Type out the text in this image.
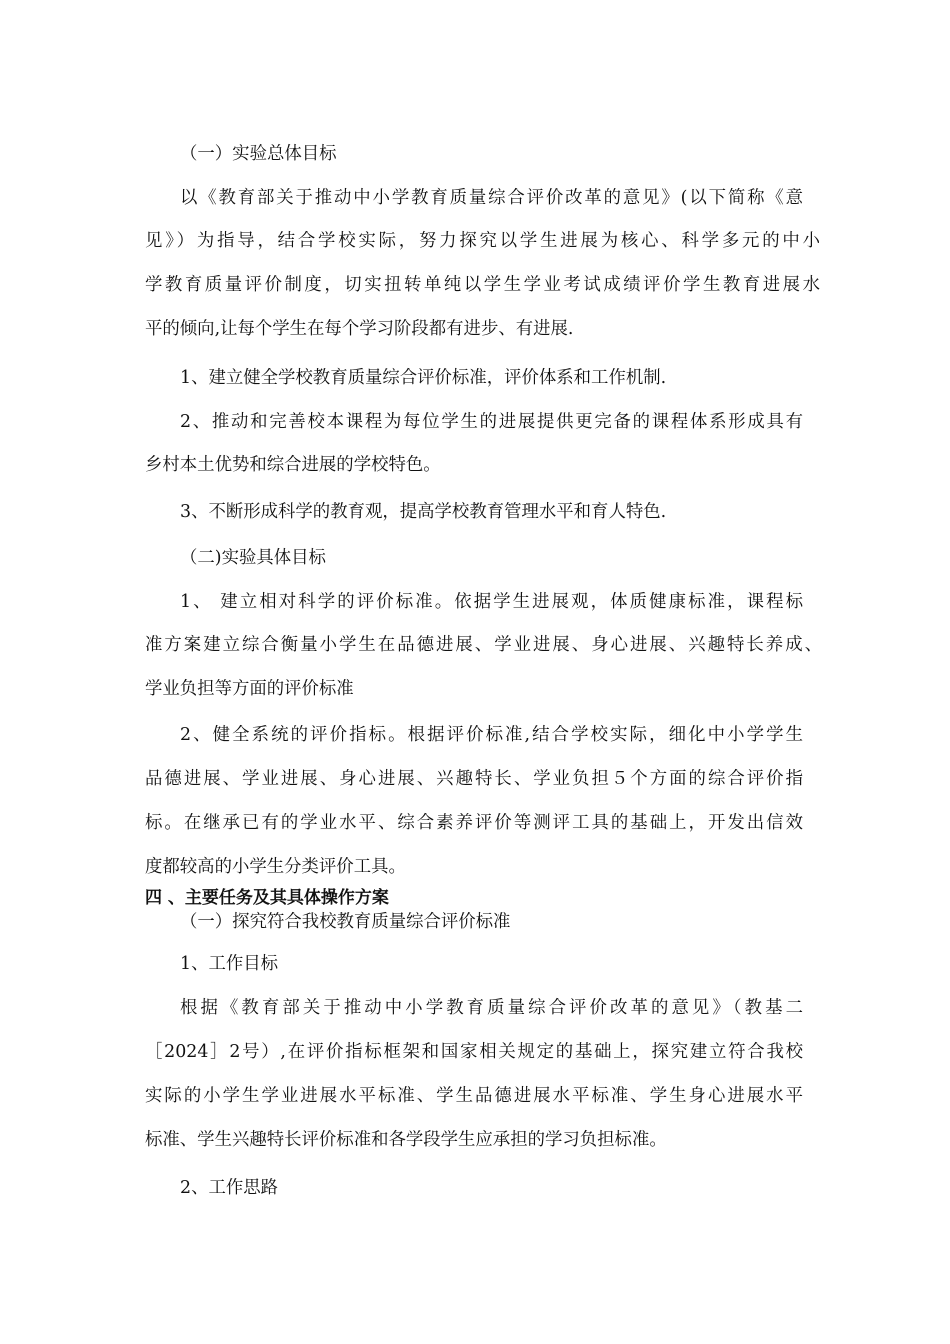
（一）实验总体目标
以《教育部关于推动中小学教育质量综合评价改革的意见》(以下简称《意
见》）为指导，结合学校实际，努力探究以学生进展为核心、科学多元的中小
学教育质量评价制度，切实扭转单纯以学生学业考试成绩评价学生教育进展水
平的倾向,让每个学生在每个学习阶段都有进步、有进展.
1、建立健全学校教育质量综合评价标准，评价体系和工作机制.
2、推动和完善校本课程为每位学生的进展提供更完备的课程体系形成具有
乡村本土优势和综合进展的学校特色。
3、不断形成科学的教育观，提高学校教育管理水平和育人特色.
（二)实验具体目标
1、 建立相对科学的评价标准。依据学生进展观，体质健康标准，课程标
准方案建立综合衡量小学生在品德进展、学业进展、身心进展、兴趣特长养成、
学业负担等方面的评价标准
2、健全系统的评价指标。根据评价标准,结合学校实际，细化中小学学生
品德进展、学业进展、身心进展、兴趣特长、学业负担５个方面的综合评价指
标。在继承已有的学业水平、综合素养评价等测评工具的基础上，开发出信效
度都较高的小学生分类评价工具。
四 、主要任务及其具体操作方案
（一）探究符合我校教育质量综合评价标准
1、工作目标
根据《教育部关于推动中小学教育质量综合评价改革的意见》（教基二
［2024］2号）,在评价指标框架和国家相关规定的基础上，探究建立符合我校
实际的小学生学业进展水平标准、学生品德进展水平标准、学生身心进展水平
标准、学生兴趣特长评价标准和各学段学生应承担的学习负担标准。
2、工作思路
